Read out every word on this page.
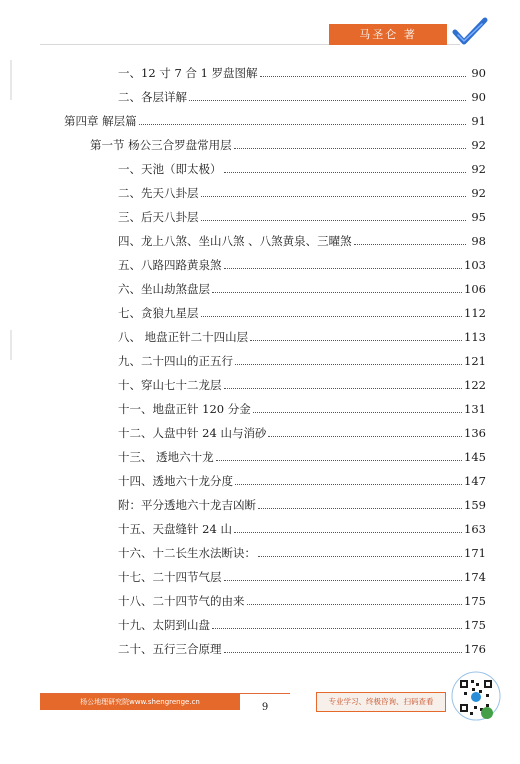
马圣仑 著
一、12 寸 7 合 1 罗盘图解	90
二、各层详解	90
第四章 解层篇	91
第一节 杨公三合罗盘常用层	92
一、天池（即太极）	92
二、先天八卦层	92
三、后天八卦层	95
四、龙上八煞、坐山八煞 、八煞黄泉、三曜煞	98
五、八路四路黄泉煞	103
六、坐山劫煞盘层	106
七、贪狼九星层	112
八、 地盘正针二十四山层	113
九、二十四山的正五行	121
十、穿山七十二龙层	122
十一、地盘正针 120 分金	131
十二、人盘中针 24 山与消砂	136
十三、 透地六十龙	145
十四、透地六十龙分度	147
附：平分透地六十龙吉凶断	159
十五、天盘缝针 24 山	163
十六、十二长生水法断诀：	171
十七、二十四节气层	174
十八、二十四节气的由来	175
十九、太阴到山盘	175
二十、五行三合原理	176
杨公地理研究院www.shengrenge.cn	9
专业学习、终极咨询、扫码查看
